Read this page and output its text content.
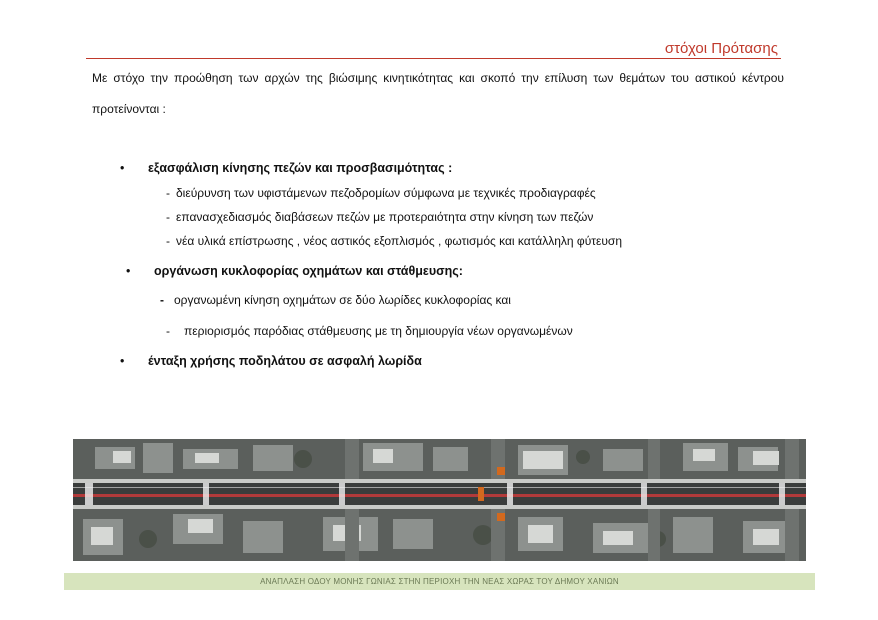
στόχοι Πρότασης
Με στόχο την προώθηση των αρχών της βιώσιμης κινητικότητας και σκοπό την επίλυση των θεμάτων του αστικού κέντρου προτείνονται :
•	εξασφάλιση κίνησης πεζών και προσβασιμότητας :
- διεύρυνση των υφιστάμενων πεζοδρομίων σύμφωνα με τεχνικές προδιαγραφές
- επανασχεδιασμός διαβάσεων πεζών με προτεραιότητα στην κίνηση των πεζών
- νέα υλικά επίστρωσης , νέος αστικός εξοπλισμός , φωτισμός και κατάλληλη φύτευση
•	οργάνωση κυκλοφορίας οχημάτων και στάθμευσης:
- οργανωμένη κίνηση οχημάτων σε δύο λωρίδες κυκλοφορίας και
- περιορισμός παρόδιας στάθμευσης με τη δημιουργία νέων οργανωμένων
•	ένταξη χρήσης ποδηλάτου σε ασφαλή λωρίδα
ΑΝΑΠΛΑΣΗ ΟΔΟΥ ΜΟΝΗΣ ΓΩΝΙΑΣ ΣΤΗΝ ΠΕΡΙΟΧΗ ΤΗΝ ΝΕΑΣ ΧΩΡΑΣ ΤΟΥ ΔΗΜΟΥ ΧΑΝΙΩΝ
